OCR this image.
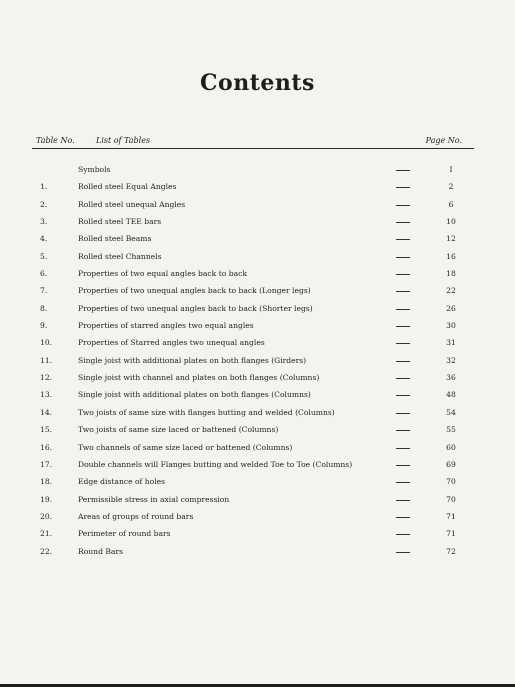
Contents
Table No.	List of Tables	Page No.
Symbols	I
1.	Rolled steel Equal Angles	2
2.	Rolled steel unequal Angles	6
3.	Rolled steel TEE bars	10
4.	Rolled steel Beams	12
5.	Rolled steel Channels	16
6.	Properties of two equal angles back to back	18
7.	Properties of two unequal angles back to back (Longer legs)	22
8.	Properties of two unequal angles back to back (Shorter legs)	26
9.	Properties of starred angles two equal angles	30
10.	Properties of Starred angles two unequal angles	31
11.	Single joist with additional plates on both flanges (Girders)	32
12.	Single joist with channel and plates on both flanges (Columns)	36
13.	Single joist with additional plates on both flanges (Columns)	48
14.	Two joists of same size with flanges butting and welded (Columns)	54
15.	Two joists of same size laced or battened (Columns)	55
16.	Two channels of same size laced or battened (Columns)	60
17.	Double channels will Flanges butting and welded Toe to Toe (Columns)	69
18.	Edge distance of holes	70
19.	Permissible stress in axial compression	70
20.	Areas of groups of round bars	71
21.	Perimeter of round bars	71
22.	Round Bars	72
